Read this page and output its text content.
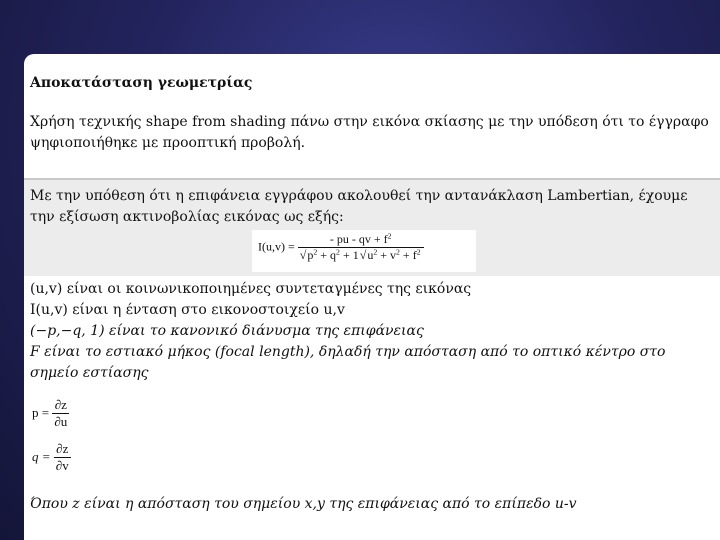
Αποκατάσταση γεωμετρίας

Χρήση τεχνικής shape from shading πάνω στην εικόνα σκίασης με την υπόδεση ότι το έγγραφο ψηφιοποιήθηκε με προοπτική προβολή.

Με την υπόθεση ότι η επιφάνεια εγγράφου ακολουθεί την αντανάκλαση Lambertian, έχουμε την εξίσωση ακτινοβολίας εικόνας ως εξής:

$I(u,v) = \frac{- pu - qv + f^2}{√p^2 + q^2 + 1√u^2 + v^2 + f^2}$

(u,v) είναι οι κοινωνικοποιημένες συντεταγμένες της εικόνας

I(u,v) είναι η ένταση στο εικονοστοιχείο u,v

(−p,−q, 1) είναι το κανονικό διάνυσμα της επιφάνειας

F είναι το εστιακό μήκος (focal length), δηλαδή την απόσταση από το οπτικό κέντρο στο σημείο εστίασης

$p = \frac{\partial z}{\partial u}$
$q = \frac{\partial z}{\partial v}$

Όπου z είναι η απόσταση του σημείου x,y της επιφάνειας από το επίπεδο u-v
